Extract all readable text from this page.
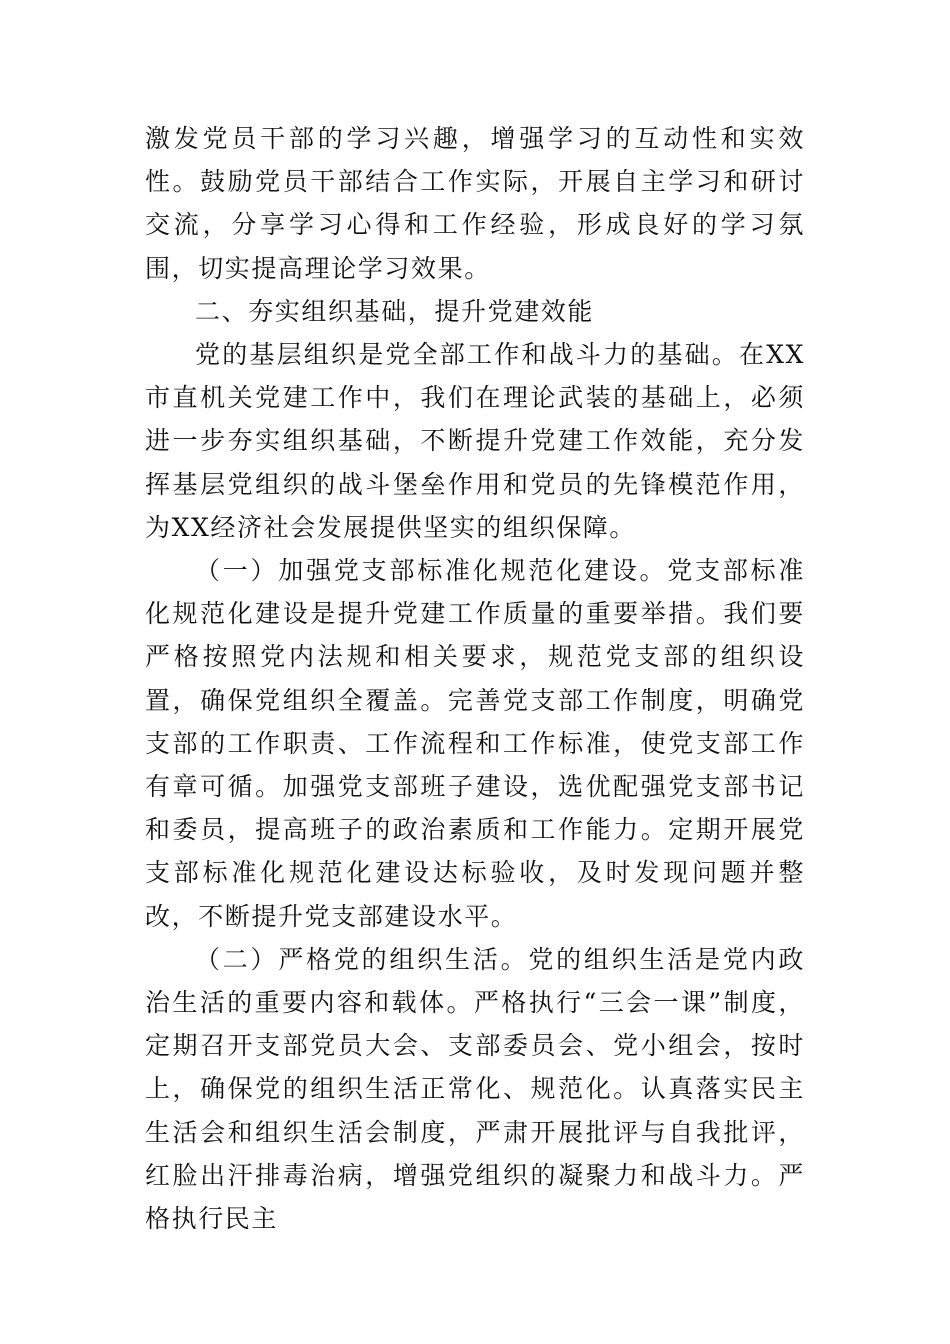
激发党员干部的学习兴趣，增强学习的互动性和实效性。鼓励党员干部结合工作实际，开展自主学习和研讨交流，分享学习心得和工作经验，形成良好的学习氛围，切实提高理论学习效果。

二、夯实组织基础，提升党建效能

党的基层组织是党全部工作和战斗力的基础。在XX市直机关党建工作中，我们在理论武装的基础上，必须进一步夯实组织基础，不断提升党建工作效能，充分发挥基层党组织的战斗堡垒作用和党员的先锋模范作用，为XX经济社会发展提供坚实的组织保障。

（一）加强党支部标准化规范化建设。党支部标准化规范化建设是提升党建工作质量的重要举措。我们要严格按照党内法规和相关要求，规范党支部的组织设置，确保党组织全覆盖。完善党支部工作制度，明确党支部的工作职责、工作流程和工作标准，使党支部工作有章可循。加强党支部班子建设，选优配强党支部书记和委员，提高班子的政治素质和工作能力。定期开展党支部标准化规范化建设达标验收，及时发现问题并整改，不断提升党支部建设水平。

（二）严格党的组织生活。党的组织生活是党内政治生活的重要内容和载体。严格执行“三会一课”制度，定期召开支部党员大会、支部委员会、党小组会，按时上，确保党的组织生活正常化、规范化。认真落实民主生活会和组织生活会制度，严肃开展批评与自我批评，红脸出汗排毒治病，增强党组织的凝聚力和战斗力。严格执行民主
